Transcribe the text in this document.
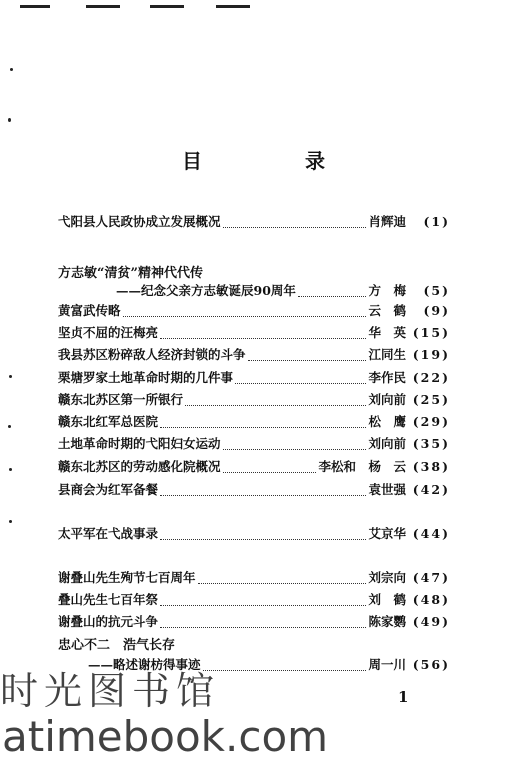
目 录
弋阳县人民政协成立发展概况	肖辉迪	(1)
方志敏“清贫”精神代代传
——纪念父亲方志敏诞辰90周年	方　梅	(5)
黄富武传略	云　鹤	(9)
坚贞不屈的汪梅亮	华　英 (15)
我县苏区粉碎敌人经济封锁的斗争	江同生 (19)
栗塘罗家土地革命时期的几件事	李作民 (22)
赣东北苏区第一所银行	刘向前 (25)
赣东北红军总医院	松　鹰 (29)
土地革命时期的弋阳妇女运动	刘向前 (35)
赣东北苏区的劳动感化院概况	李松和　杨　云 (38)
县商会为红军备餐	袁世强 (42)
太平军在弋战事录	艾京华 (44)
谢叠山先生殉节七百周年	刘宗向 (47)
叠山先生七百年祭	刘　鹤 (48)
谢叠山的抗元斗争	陈家鹦 (49)
忠心不二　浩气长存
——略述谢枋得事迹	周一川 (56)
1
时光图书馆
atimebook.com
